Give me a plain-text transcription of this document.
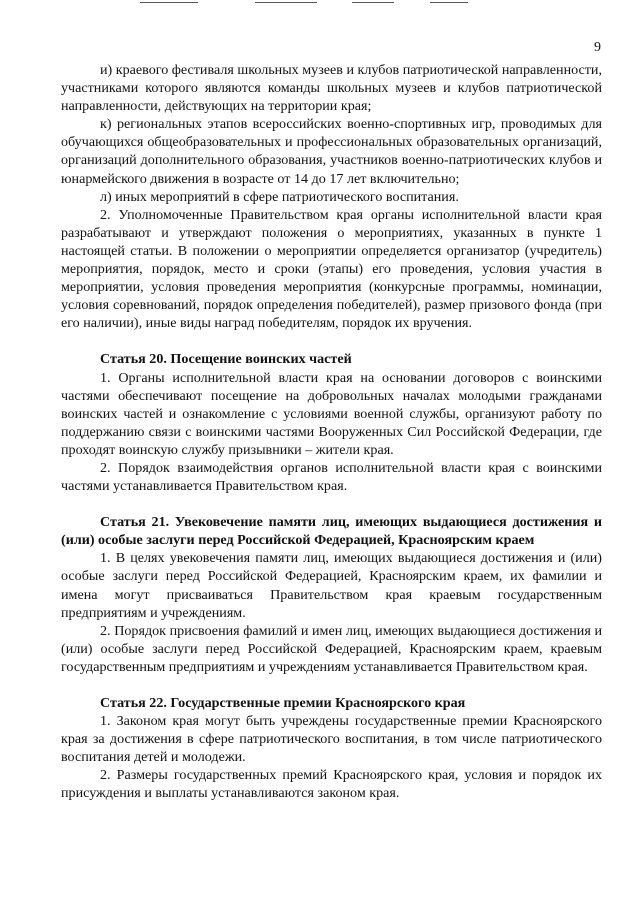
9

и) краевого фестиваля школьных музеев и клубов патриотической направленности, участниками которого являются команды школьных музеев и клубов патриотической направленности, действующих на территории края;

к) региональных этапов всероссийских военно-спортивных игр, проводимых для обучающихся общеобразовательных и профессиональных образовательных организаций, организаций дополнительного образования, участников военно-патриотических клубов и юнармейского движения в возрасте от 14 до 17 лет включительно;

л) иных мероприятий в сфере патриотического воспитания.

2. Уполномоченные Правительством края органы исполнительной власти края разрабатывают и утверждают положения о мероприятиях, указанных в пункте 1 настоящей статьи. В положении о мероприятии определяется организатор (учредитель) мероприятия, порядок, место и сроки (этапы) его проведения, условия участия в мероприятии, условия проведения мероприятия (конкурсные программы, номинации, условия соревнований, порядок определения победителей), размер призового фонда (при его наличии), иные виды наград победителям, порядок их вручения.

Статья 20. Посещение воинских частей

1. Органы исполнительной власти края на основании договоров с воинскими частями обеспечивают посещение на добровольных началах молодыми гражданами воинских частей и ознакомление с условиями военной службы, организуют работу по поддержанию связи с воинскими частями Вооруженных Сил Российской Федерации, где проходят воинскую службу призывники – жители края.

2. Порядок взаимодействия органов исполнительной власти края с воинскими частями устанавливается Правительством края.

Статья 21. Увековечение памяти лиц, имеющих выдающиеся достижения и (или) особые заслуги перед Российской Федерацией, Красноярским краем

1. В целях увековечения памяти лиц, имеющих выдающиеся достижения и (или) особые заслуги перед Российской Федерацией, Красноярским краем, их фамилии и имена могут присваиваться Правительством края краевым государственным предприятиям и учреждениям.

2. Порядок присвоения фамилий и имен лиц, имеющих выдающиеся достижения и (или) особые заслуги перед Российской Федерацией, Красноярским краем, краевым государственным предприятиям и учреждениям устанавливается Правительством края.

Статья 22. Государственные премии Красноярского края

1. Законом края могут быть учреждены государственные премии Красноярского края за достижения в сфере патриотического воспитания, в том числе патриотического воспитания детей и молодежи.

2. Размеры государственных премий Красноярского края, условия и порядок их присуждения и выплаты устанавливаются законом края.
